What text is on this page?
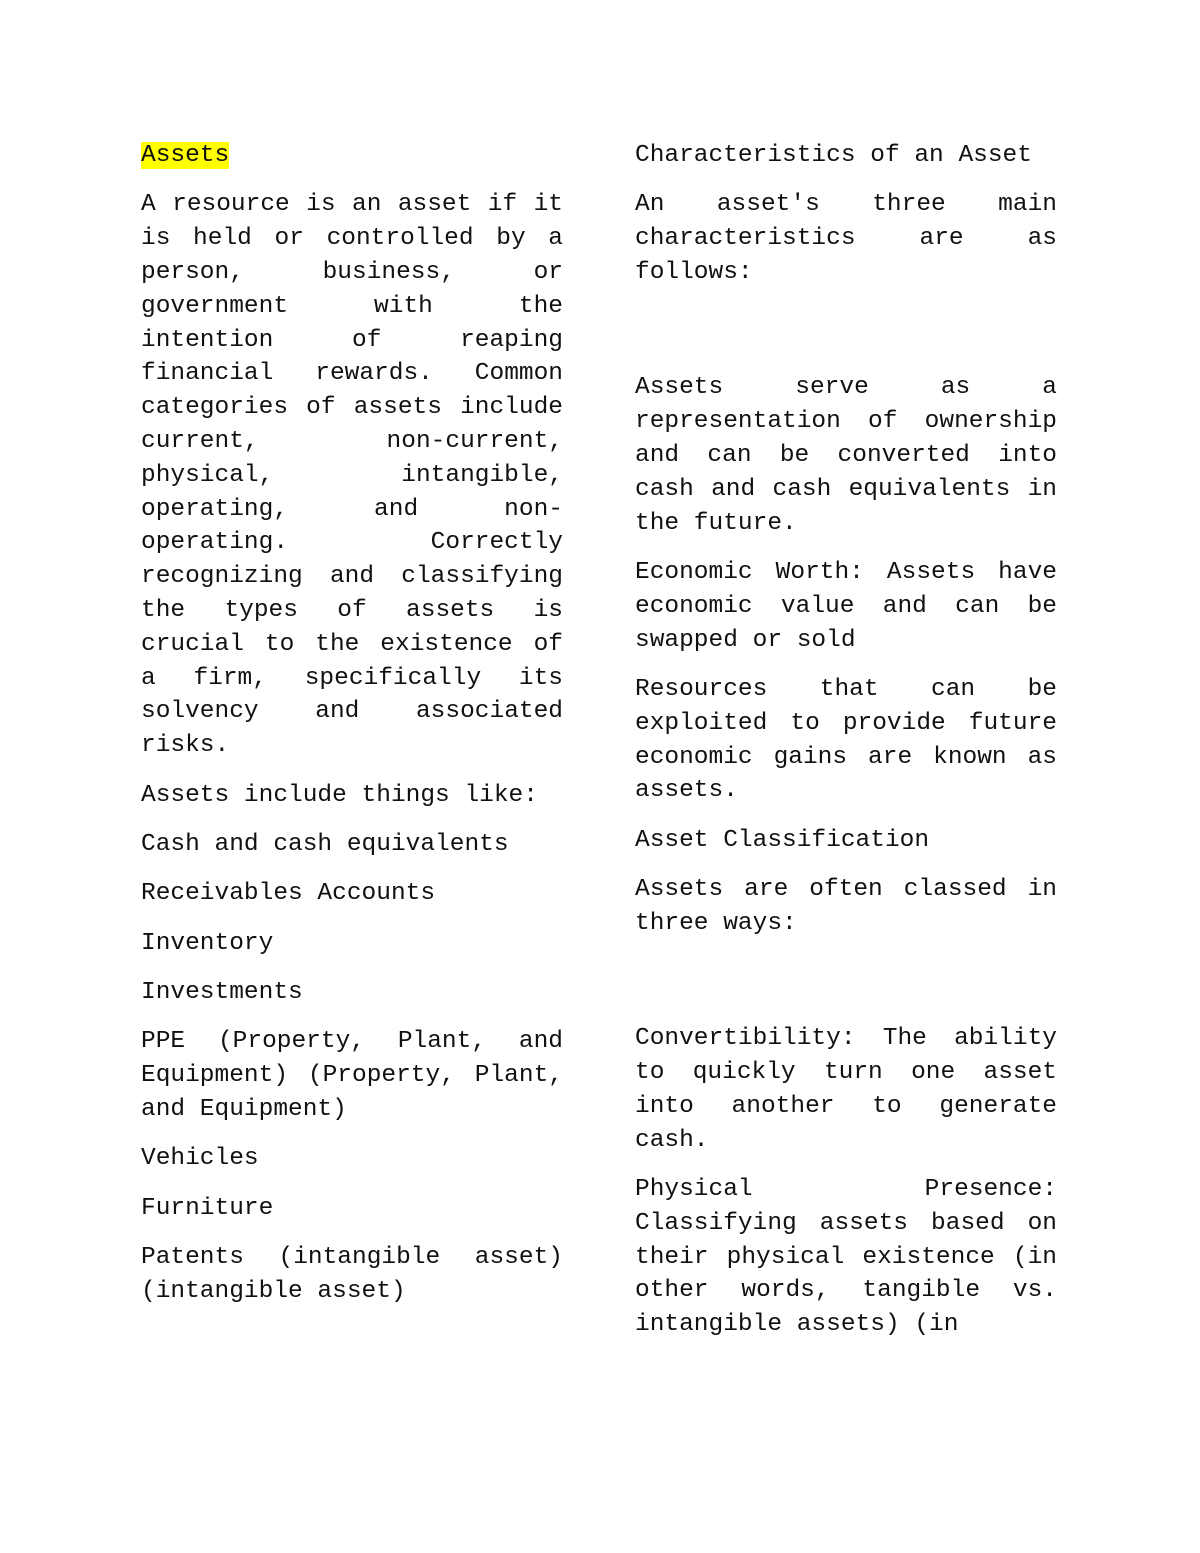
Assets

A resource is an asset if it is held or controlled by a person, business, or government with the intention of reaping financial rewards. Common categories of assets include current, non-current, physical, intangible, operating, and non-operating. Correctly recognizing and classifying the types of assets is crucial to the existence of a firm, specifically its solvency and associated risks.

Assets include things like:

Cash and cash equivalents

Receivables Accounts

Inventory

Investments

PPE (Property, Plant, and Equipment) (Property, Plant, and Equipment)

Vehicles

Furniture

Patents (intangible asset) (intangible asset)

Characteristics of an Asset

An asset's three main characteristics are as follows:

Assets serve as a representation of ownership and can be converted into cash and cash equivalents in the future.

Economic Worth: Assets have economic value and can be swapped or sold

Resources that can be exploited to provide future economic gains are known as assets.

Asset Classification

Assets are often classed in three ways:

Convertibility: The ability to quickly turn one asset into another to generate cash.

Physical Presence: Classifying assets based on their physical existence (in other words, tangible vs. intangible assets) (in
